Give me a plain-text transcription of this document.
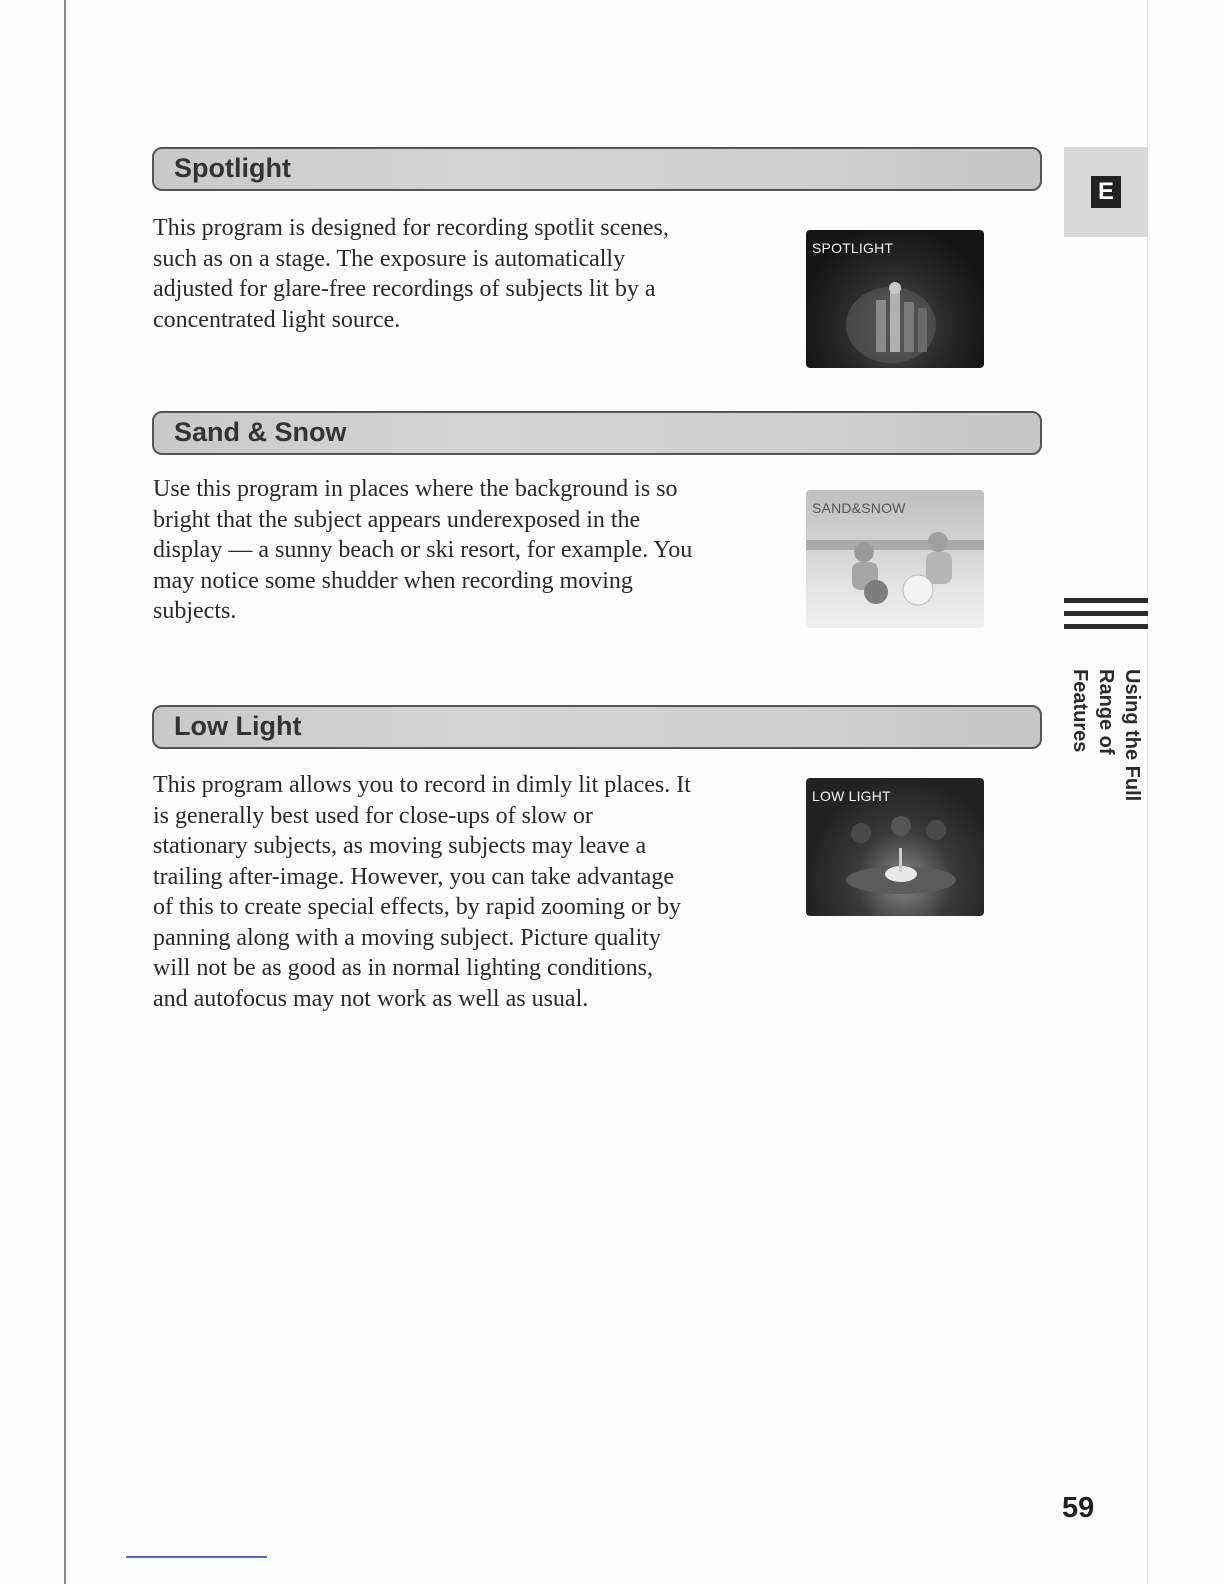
Spotlight

This program is designed for recording spotlit scenes, such as on a stage. The exposure is automatically adjusted for glare-free recordings of subjects lit by a concentrated light source.

SPOTLIGHT
Sand & Snow

Use this program in places where the background is so bright that the subject appears underexposed in the display — a sunny beach or ski resort, for example. You may notice some shudder when recording moving subjects.

SAND&SNOW
Low Light

This program allows you to record in dimly lit places. It is generally best used for close-ups of slow or stationary subjects, as moving subjects may leave a trailing after-image. However, you can take advantage of this to create special effects, by rapid zooming or by panning along with a moving subject. Picture quality will not be as good as in normal lighting conditions, and autofocus may not work as well as usual.

LOW LIGHT
E
Using the Full Range of Features
59
